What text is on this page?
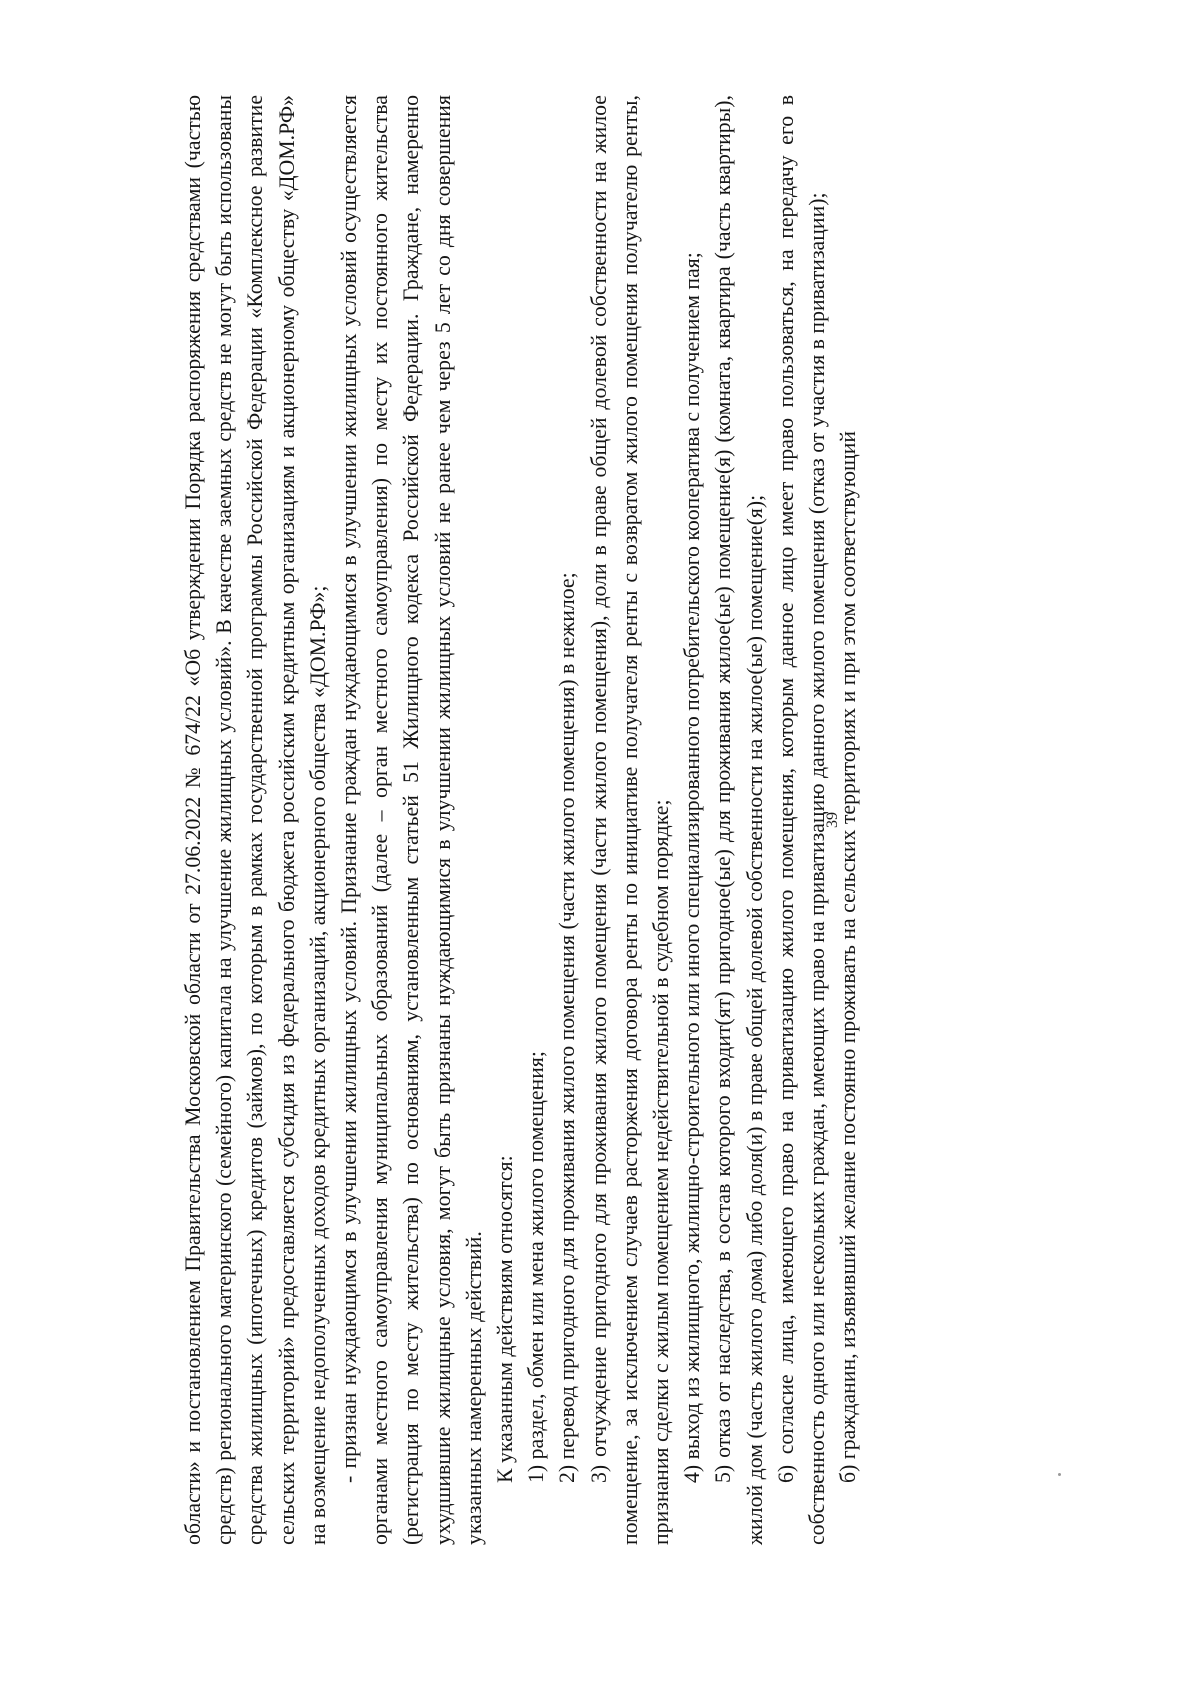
39

области» и постановлением Правительства Московской области от 27.06.2022 № 674/22 «Об утверждении Порядка распоряжения средствами (частью средств) регионального материнского (семейного) капитала на улучшение жилищных условий». В качестве заемных средств не могут быть использованы средства жилищных (ипотечных) кредитов (займов), по которым в рамках государственной программы Российской Федерации «Комплексное развитие сельских территорий» предоставляется субсидия из федерального бюджета российским кредитным организациям и акционерному обществу «ДОМ.РФ» на возмещение недополученных доходов кредитных организаций, акционерного общества «ДОМ.РФ»; - признан нуждающимся в улучшении жилищных условий. Признание граждан нуждающимися в улучшении жилищных условий осуществляется органами местного самоуправления муниципальных образований (далее – орган местного самоуправления) по месту их постоянного жительства (регистрация по месту жительства) по основаниям, установленным статьей 51 Жилищного кодекса Российской Федерации. Граждане, намеренно ухудшившие жилищные условия, могут быть признаны нуждающимися в улучшении жилищных условий не ранее чем через 5 лет со дня совершения указанных намеренных действий. К указанным действиям относятся: 1) раздел, обмен или мена жилого помещения; 2) перевод пригодного для проживания жилого помещения (части жилого помещения) в нежилое; 3) отчуждение пригодного для проживания жилого помещения (части жилого помещения), доли в праве общей долевой собственности на жилое помещение, за исключением случаев расторжения договора ренты по инициативе получателя ренты с возвратом жилого помещения получателю ренты, признания сделки с жилым помещением недействительной в судебном порядке; 4) выход из жилищного, жилищно-строительного или иного специализированного потребительского кооператива с получением пая; 5) отказ от наследства, в состав которого входит(ят) пригодное(ые) для проживания жилое(ые) помещение(я) (комната, квартира (часть квартиры), жилой дом (часть жилого дома) либо доля(и) в праве общей долевой собственности на жилое(ые) помещение(я); 6) согласие лица, имеющего право на приватизацию жилого помещения, которым данное лицо имеет право пользоваться, на передачу его в собственность одного или нескольких граждан, имеющих право на приватизацию данного жилого помещения (отказ от участия в приватизации); б) гражданин, изъявивший желание постоянно проживать на сельских территориях и при этом соответствующий
